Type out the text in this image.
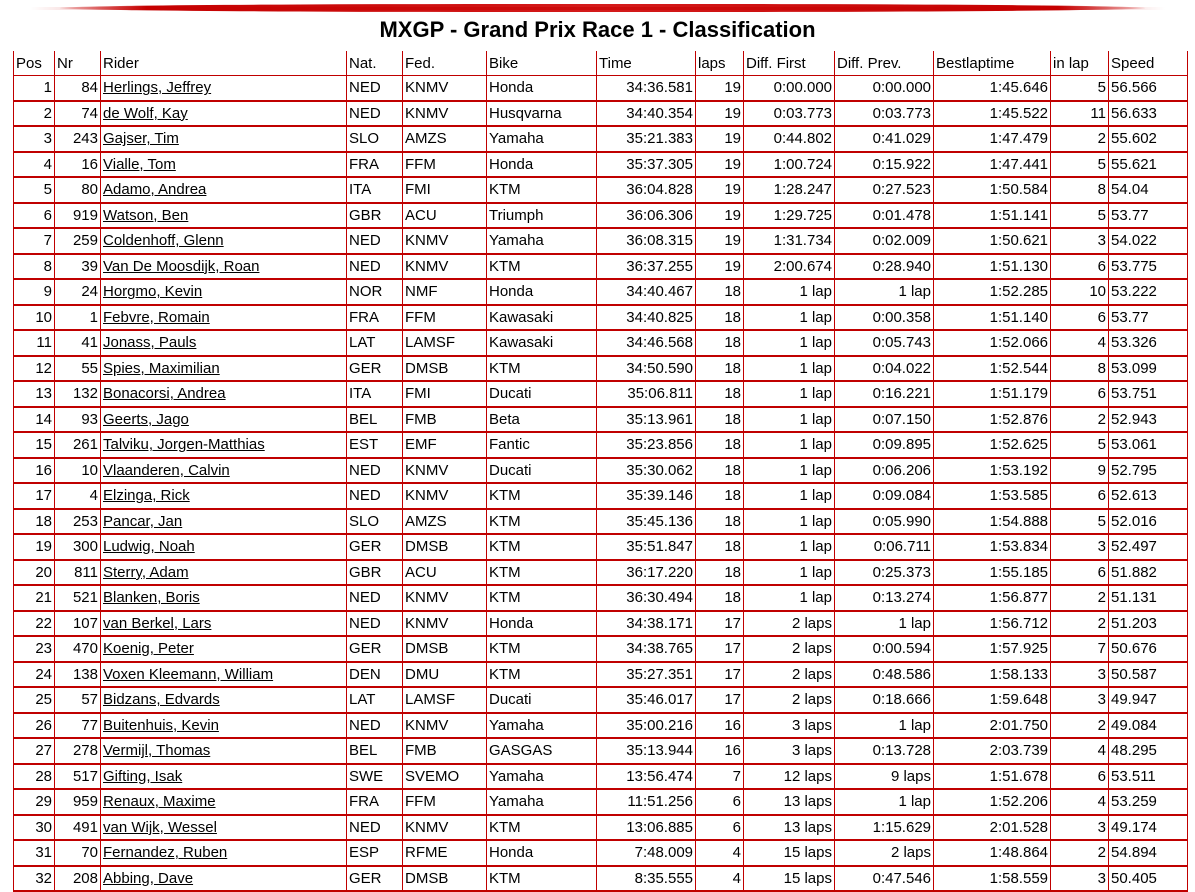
MXGP - Grand Prix Race 1 - Classification
Pos	Nr	Rider	Nat.	Fed.	Bike	Time	laps	Diff. First	Diff. Prev.	Bestlaptime	in lap	Speed
1	84	Herlings, Jeffrey	NED	KNMV	Honda	34:36.581	19	0:00.000	0:00.000	1:45.646	5	56.566
2	74	de Wolf, Kay	NED	KNMV	Husqvarna	34:40.354	19	0:03.773	0:03.773	1:45.522	11	56.633
3	243	Gajser, Tim	SLO	AMZS	Yamaha	35:21.383	19	0:44.802	0:41.029	1:47.479	2	55.602
4	16	Vialle, Tom	FRA	FFM	Honda	35:37.305	19	1:00.724	0:15.922	1:47.441	5	55.621
5	80	Adamo, Andrea	ITA	FMI	KTM	36:04.828	19	1:28.247	0:27.523	1:50.584	8	54.04
6	919	Watson, Ben	GBR	ACU	Triumph	36:06.306	19	1:29.725	0:01.478	1:51.141	5	53.77
7	259	Coldenhoff, Glenn	NED	KNMV	Yamaha	36:08.315	19	1:31.734	0:02.009	1:50.621	3	54.022
8	39	Van De Moosdijk, Roan	NED	KNMV	KTM	36:37.255	19	2:00.674	0:28.940	1:51.130	6	53.775
9	24	Horgmo, Kevin	NOR	NMF	Honda	34:40.467	18	1 lap	1 lap	1:52.285	10	53.222
10	1	Febvre, Romain	FRA	FFM	Kawasaki	34:40.825	18	1 lap	0:00.358	1:51.140	6	53.77
11	41	Jonass, Pauls	LAT	LAMSF	Kawasaki	34:46.568	18	1 lap	0:05.743	1:52.066	4	53.326
12	55	Spies, Maximilian	GER	DMSB	KTM	34:50.590	18	1 lap	0:04.022	1:52.544	8	53.099
13	132	Bonacorsi, Andrea	ITA	FMI	Ducati	35:06.811	18	1 lap	0:16.221	1:51.179	6	53.751
14	93	Geerts, Jago	BEL	FMB	Beta	35:13.961	18	1 lap	0:07.150	1:52.876	2	52.943
15	261	Talviku, Jorgen-Matthias	EST	EMF	Fantic	35:23.856	18	1 lap	0:09.895	1:52.625	5	53.061
16	10	Vlaanderen, Calvin	NED	KNMV	Ducati	35:30.062	18	1 lap	0:06.206	1:53.192	9	52.795
17	4	Elzinga, Rick	NED	KNMV	KTM	35:39.146	18	1 lap	0:09.084	1:53.585	6	52.613
18	253	Pancar, Jan	SLO	AMZS	KTM	35:45.136	18	1 lap	0:05.990	1:54.888	5	52.016
19	300	Ludwig, Noah	GER	DMSB	KTM	35:51.847	18	1 lap	0:06.711	1:53.834	3	52.497
20	811	Sterry, Adam	GBR	ACU	KTM	36:17.220	18	1 lap	0:25.373	1:55.185	6	51.882
21	521	Blanken, Boris	NED	KNMV	KTM	36:30.494	18	1 lap	0:13.274	1:56.877	2	51.131
22	107	van Berkel, Lars	NED	KNMV	Honda	34:38.171	17	2 laps	1 lap	1:56.712	2	51.203
23	470	Koenig, Peter	GER	DMSB	KTM	34:38.765	17	2 laps	0:00.594	1:57.925	7	50.676
24	138	Voxen Kleemann, William	DEN	DMU	KTM	35:27.351	17	2 laps	0:48.586	1:58.133	3	50.587
25	57	Bidzans, Edvards	LAT	LAMSF	Ducati	35:46.017	17	2 laps	0:18.666	1:59.648	3	49.947
26	77	Buitenhuis, Kevin	NED	KNMV	Yamaha	35:00.216	16	3 laps	1 lap	2:01.750	2	49.084
27	278	Vermijl, Thomas	BEL	FMB	GASGAS	35:13.944	16	3 laps	0:13.728	2:03.739	4	48.295
28	517	Gifting, Isak	SWE	SVEMO	Yamaha	13:56.474	7	12 laps	9 laps	1:51.678	6	53.511
29	959	Renaux, Maxime	FRA	FFM	Yamaha	11:51.256	6	13 laps	1 lap	1:52.206	4	53.259
30	491	van Wijk, Wessel	NED	KNMV	KTM	13:06.885	6	13 laps	1:15.629	2:01.528	3	49.174
31	70	Fernandez, Ruben	ESP	RFME	Honda	7:48.009	4	15 laps	2 laps	1:48.864	2	54.894
32	208	Abbing, Dave	GER	DMSB	KTM	8:35.555	4	15 laps	0:47.546	1:58.559	3	50.405
